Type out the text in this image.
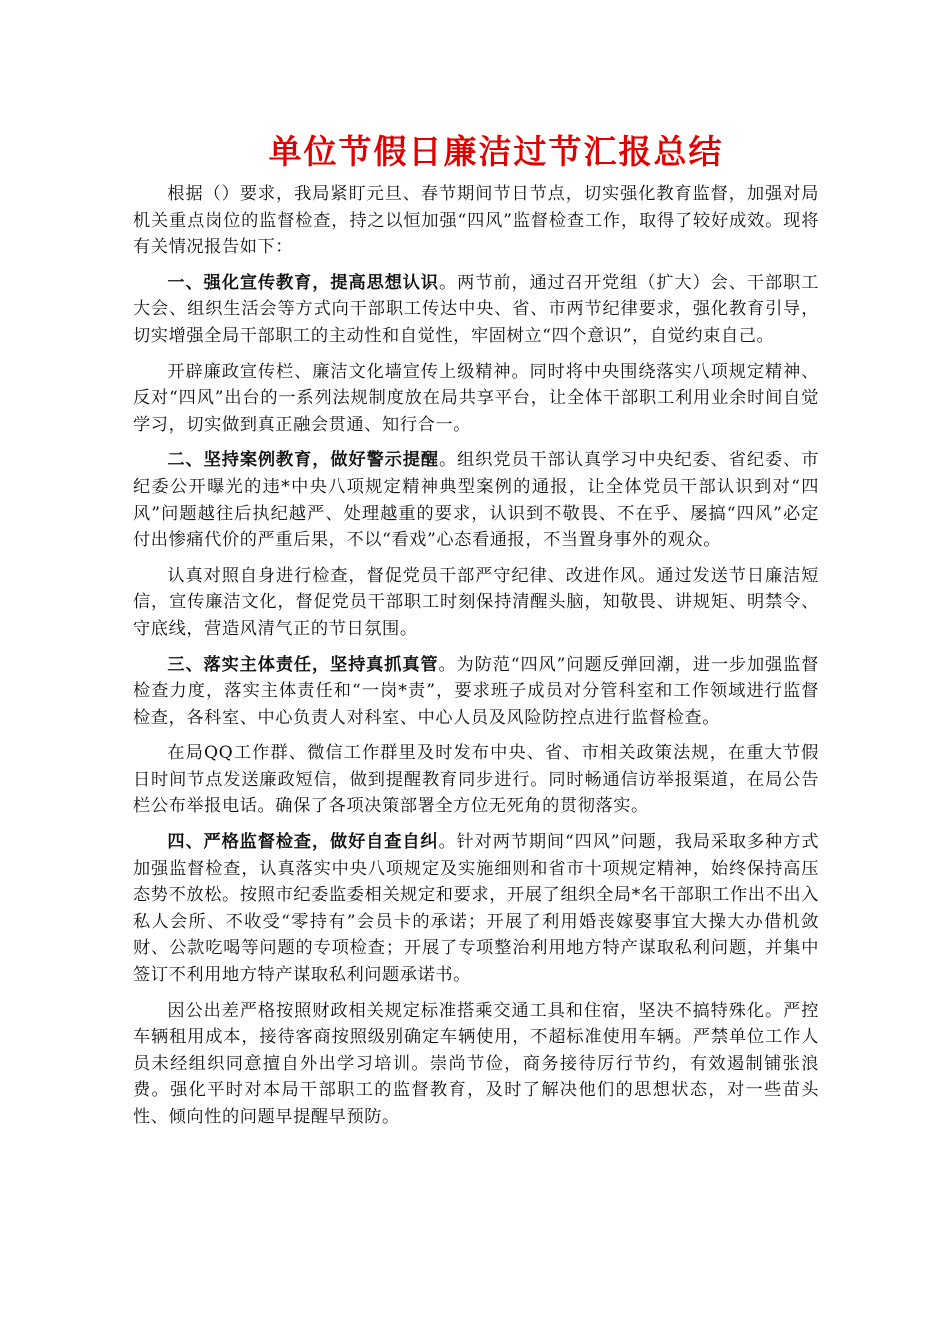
单位节假日廉洁过节汇报总结

根据（）要求，我局紧盯元旦、春节期间节日节点，切实强化教育监督，加强对局机关重点岗位的监督检查，持之以恒加强“四风”监督检查工作，取得了较好成效。现将有关情况报告如下：

一、强化宣传教育，提高思想认识。两节前，通过召开党组（扩大）会、干部职工大会、组织生活会等方式向干部职工传达中央、省、市两节纪律要求，强化教育引导，切实增强全局干部职工的主动性和自觉性，牢固树立“四个意识”，自觉约束自己。

开辟廉政宣传栏、廉洁文化墙宣传上级精神。同时将中央围绕落实八项规定精神、反对“四风”出台的一系列法规制度放在局共享平台，让全体干部职工利用业余时间自觉学习，切实做到真正融会贯通、知行合一。

二、坚持案例教育，做好警示提醒。组织党员干部认真学习中央纪委、省纪委、市纪委公开曝光的违*中央八项规定精神典型案例的通报，让全体党员干部认识到对“四风”问题越往后执纪越严、处理越重的要求，认识到不敬畏、不在乎、屡搞“四风”必定付出惨痛代价的严重后果，不以“看戏”心态看通报，不当置身事外的观众。

认真对照自身进行检查，督促党员干部严守纪律、改进作风。通过发送节日廉洁短信，宣传廉洁文化，督促党员干部职工时刻保持清醒头脑，知敬畏、讲规矩、明禁令、守底线，营造风清气正的节日氛围。

三、落实主体责任，坚持真抓真管。为防范“四风”问题反弹回潮，进一步加强监督检查力度，落实主体责任和“一岗*责”，要求班子成员对分管科室和工作领域进行监督检查，各科室、中心负责人对科室、中心人员及风险防控点进行监督检查。

在局QQ工作群、微信工作群里及时发布中央、省、市相关政策法规，在重大节假日时间节点发送廉政短信，做到提醒教育同步进行。同时畅通信访举报渠道，在局公告栏公布举报电话。确保了各项决策部署全方位无死角的贯彻落实。

四、严格监督检查，做好自查自纠。针对两节期间“四风”问题，我局采取多种方式加强监督检查，认真落实中央八项规定及实施细则和省市十项规定精神，始终保持高压态势不放松。按照市纪委监委相关规定和要求，开展了组织全局*名干部职工作出不出入私人会所、不收受“零持有”会员卡的承诺；开展了利用婚丧嫁娶事宜大操大办借机敛财、公款吃喝等问题的专项检查；开展了专项整治利用地方特产谋取私利问题，并集中签订不利用地方特产谋取私利问题承诺书。

因公出差严格按照财政相关规定标准搭乘交通工具和住宿，坚决不搞特殊化。严控车辆租用成本，接待客商按照级别确定车辆使用，不超标准使用车辆。严禁单位工作人员未经组织同意擅自外出学习培训。崇尚节俭，商务接待厉行节约，有效遏制铺张浪费。强化平时对本局干部职工的监督教育，及时了解决他们的思想状态，对一些苗头性、倾向性的问题早提醒早预防。
